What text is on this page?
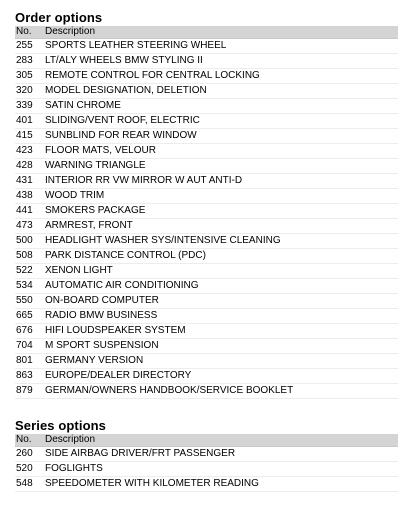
Order options
No.	Description
255	SPORTS LEATHER STEERING WHEEL
283	LT/ALY WHEELS BMW STYLING II
305	REMOTE CONTROL FOR CENTRAL LOCKING
320	MODEL DESIGNATION, DELETION
339	SATIN CHROME
401	SLIDING/VENT ROOF, ELECTRIC
415	SUNBLIND FOR REAR WINDOW
423	FLOOR MATS, VELOUR
428	WARNING TRIANGLE
431	INTERIOR RR VW MIRROR W AUT ANTI-D
438	WOOD TRIM
441	SMOKERS PACKAGE
473	ARMREST, FRONT
500	HEADLIGHT WASHER SYS/INTENSIVE CLEANING
508	PARK DISTANCE CONTROL (PDC)
522	XENON LIGHT
534	AUTOMATIC AIR CONDITIONING
550	ON-BOARD COMPUTER
665	RADIO BMW BUSINESS
676	HIFI LOUDSPEAKER SYSTEM
704	M SPORT SUSPENSION
801	GERMANY VERSION
863	EUROPE/DEALER DIRECTORY
879	GERMAN/OWNERS HANDBOOK/SERVICE BOOKLET
Series options
No.	Description
260	SIDE AIRBAG DRIVER/FRT PASSENGER
520	FOGLIGHTS
548	SPEEDOMETER WITH KILOMETER READING
